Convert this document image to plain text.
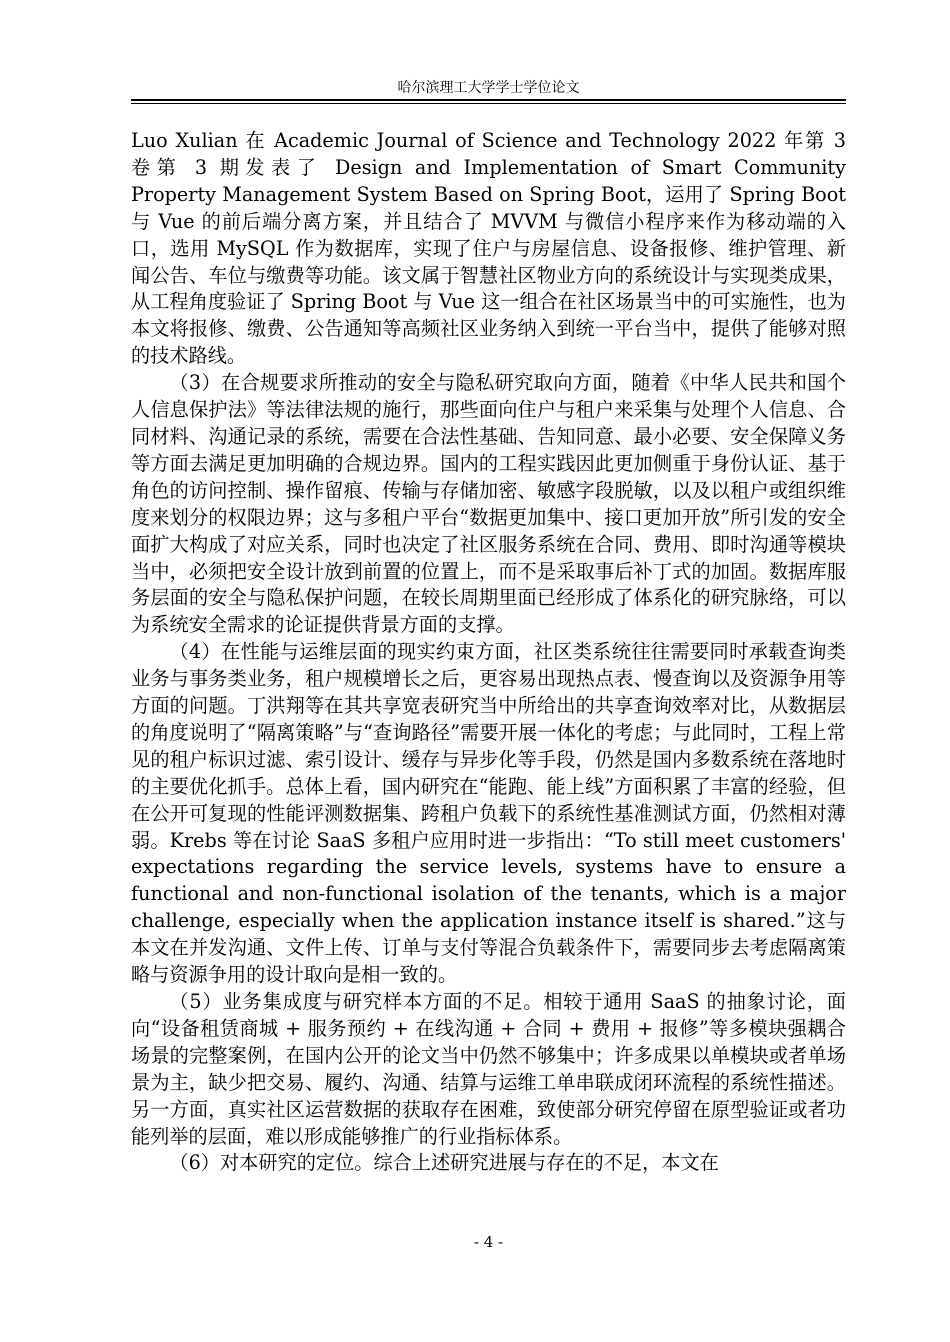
哈尔滨理工大学学士学位论文

Luo Xulian 在 Academic Journal of Science and Technology 2022 年第 3 卷第 3 期发表了 Design and Implementation of Smart Community Property Management System Based on Spring Boot，运用了 Spring Boot 与 Vue 的前后端分离方案，并且结合了 MVVM 与微信小程序来作为移动端的入口，选用 MySQL 作为数据库，实现了住户与房屋信息、设备报修、维护管理、新闻公告、车位与缴费等功能。该文属于智慧社区物业方向的系统设计与实现类成果，从工程角度验证了 Spring Boot 与 Vue 这一组合在社区场景当中的可实施性，也为本文将报修、缴费、公告通知等高频社区业务纳入到统一平台当中，提供了能够对照的技术路线。

（3）在合规要求所推动的安全与隐私研究取向方面，随着《中华人民共和国个人信息保护法》等法律法规的施行，那些面向住户与租户来采集与处理个人信息、合同材料、沟通记录的系统，需要在合法性基础、告知同意、最小必要、安全保障义务等方面去满足更加明确的合规边界。国内的工程实践因此更加侧重于身份认证、基于角色的访问控制、操作留痕、传输与存储加密、敏感字段脱敏，以及以租户或组织维度来划分的权限边界；这与多租户平台“数据更加集中、接口更加开放”所引发的安全面扩大构成了对应关系，同时也决定了社区服务系统在合同、费用、即时沟通等模块当中，必须把安全设计放到前置的位置上，而不是采取事后补丁式的加固。数据库服务层面的安全与隐私保护问题，在较长周期里面已经形成了体系化的研究脉络，可以为系统安全需求的论证提供背景方面的支撑。

（4）在性能与运维层面的现实约束方面，社区类系统往往需要同时承载查询类业务与事务类业务，租户规模增长之后，更容易出现热点表、慢查询以及资源争用等方面的问题。丁洪翔等在其共享宽表研究当中所给出的共享查询效率对比，从数据层的角度说明了“隔离策略”与“查询路径”需要开展一体化的考虑；与此同时，工程上常见的租户标识过滤、索引设计、缓存与异步化等手段，仍然是国内多数系统在落地时的主要优化抓手。总体上看，国内研究在“能跑、能上线”方面积累了丰富的经验，但在公开可复现的性能评测数据集、跨租户负载下的系统性基准测试方面，仍然相对薄弱。Krebs 等在讨论 SaaS 多租户应用时进一步指出：“To still meet customers' expectations regarding the service levels, systems have to ensure a functional and non-functional isolation of the tenants, which is a major challenge, especially when the application instance itself is shared.”这与本文在并发沟通、文件上传、订单与支付等混合负载条件下，需要同步去考虑隔离策略与资源争用的设计取向是相一致的。

（5）业务集成度与研究样本方面的不足。相较于通用 SaaS 的抽象讨论，面向“设备租赁商城 + 服务预约 + 在线沟通 + 合同 + 费用 + 报修”等多模块强耦合场景的完整案例，在国内公开的论文当中仍然不够集中；许多成果以单模块或者单场景为主，缺少把交易、履约、沟通、结算与运维工单串联成闭环流程的系统性描述。另一方面，真实社区运营数据的获取存在困难，致使部分研究停留在原型验证或者功能列举的层面，难以形成能够推广的行业指标体系。

（6）对本研究的定位。综合上述研究进展与存在的不足，本文在

- 4 -
